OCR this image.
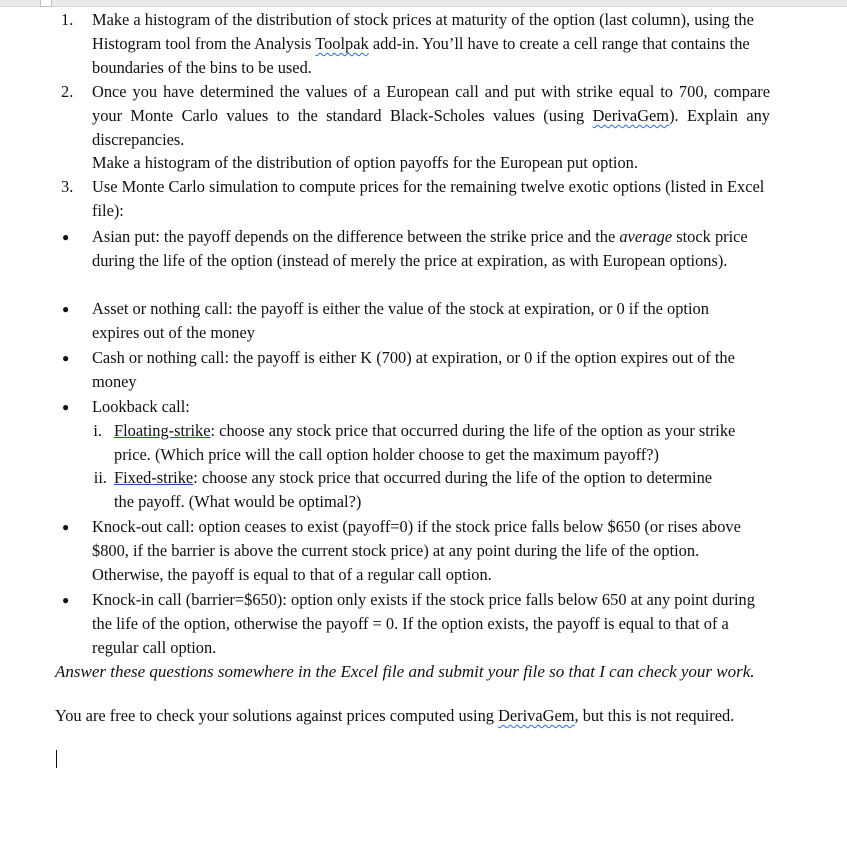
1. Make a histogram of the distribution of stock prices at maturity of the option (last column), using the Histogram tool from the Analysis Toolpak add-in. You’ll have to create a cell range that contains the boundaries of the bins to be used.
2. Once you have determined the values of a European call and put with strike equal to 700, compare your Monte Carlo values to the standard Black-Scholes values (using DerivaGem). Explain any discrepancies.
Make a histogram of the distribution of option payoffs for the European put option.
3. Use Monte Carlo simulation to compute prices for the remaining twelve exotic options (listed in Excel file):
● Asian put: the payoff depends on the difference between the strike price and the average stock price during the life of the option (instead of merely the price at expiration, as with European options).
● Asset or nothing call: the payoff is either the value of the stock at expiration, or 0 if the option expires out of the money
● Cash or nothing call: the payoff is either K (700) at expiration, or 0 if the option expires out of the money
● Lookback call:
i. Floating-strike: choose any stock price that occurred during the life of the option as your strike price. (Which price will the call option holder choose to get the maximum payoff?)
ii. Fixed-strike: choose any stock price that occurred during the life of the option to determine the payoff. (What would be optimal?)
● Knock-out call: option ceases to exist (payoff=0) if the stock price falls below $650 (or rises above $800, if the barrier is above the current stock price) at any point during the life of the option. Otherwise, the payoff is equal to that of a regular call option.
● Knock-in call (barrier=$650): option only exists if the stock price falls below 650 at any point during the life of the option, otherwise the payoff = 0. If the option exists, the payoff is equal to that of a regular call option.
Answer these questions somewhere in the Excel file and submit your file so that I can check your work.
You are free to check your solutions against prices computed using DerivaGem, but this is not required.
